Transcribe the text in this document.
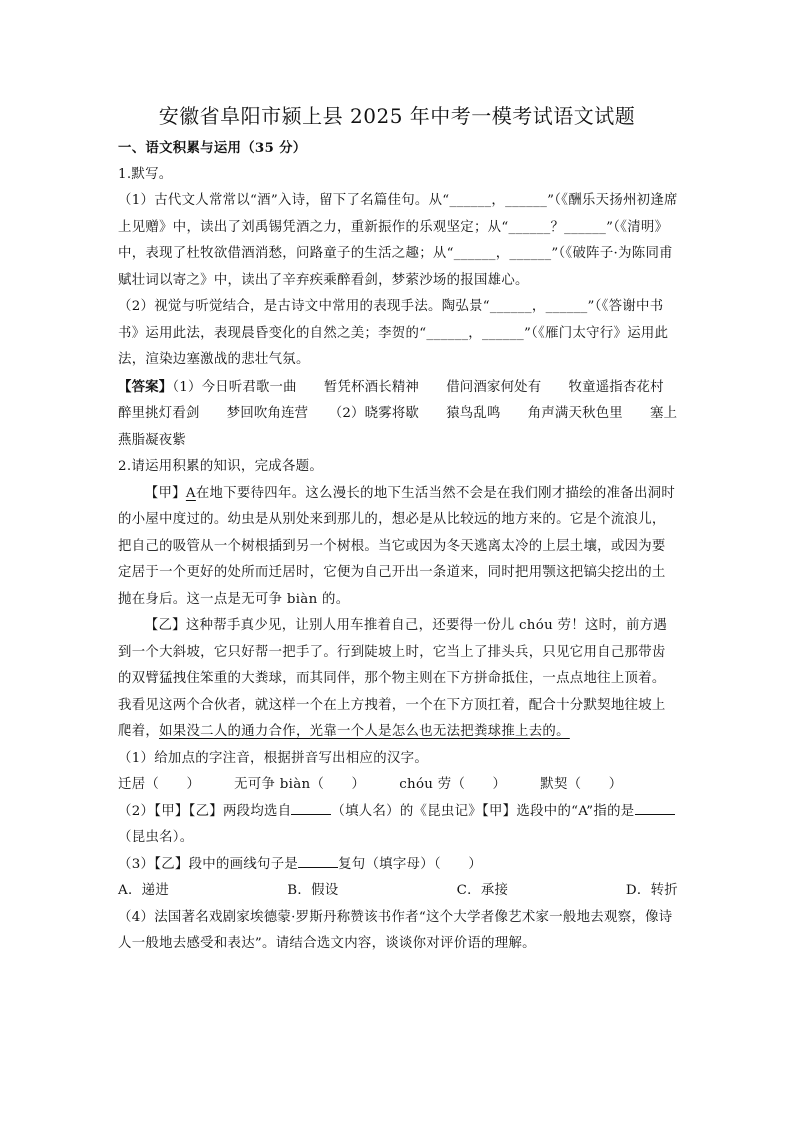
安徽省阜阳市颍上县 2025 年中考一模考试语文试题

一、语文积累与运用（35 分）

1.默写。

（1）古代文人常常以“酒”入诗，留下了名篇佳句。从“______，______”（《酬乐天扬州初逢席上见赠》中，读出了刘禹锡凭酒之力，重新振作的乐观坚定；从“______？______”（《清明》中，表现了杜牧欲借酒消愁，问路童子的生活之趣；从“______，______”（《破阵子·为陈同甫赋壮词以寄之》中，读出了辛弃疾乘醉看剑，梦萦沙场的报国雄心。

（2）视觉与听觉结合，是古诗文中常用的表现手法。陶弘景“______，______”（《答谢中书书》运用此法，表现晨昏变化的自然之美；李贺的“______，______”（《雁门太守行》运用此法，渲染边塞激战的悲壮气氛。

【答案】（1）今日听君歌一曲　　暂凭杯酒长精神　　借问酒家何处有　　牧童遥指杏花村　　醉里挑灯看剑　　梦回吹角连营　　（2）晓雾将歇　　猿鸟乱鸣　　角声满天秋色里　　塞上燕脂凝夜紫

2.请运用积累的知识，完成各题。

【甲】A在地下要待四年。这么漫长的地下生活当然不会是在我们刚才描绘的准备出洞时的小屋中度过的。幼虫是从别处来到那儿的，想必是从比较远的地方来的。它是个流浪儿，把自己的吸管从一个树根插到另一个树根。当它或因为冬天逃离太冷的上层土壤，或因为要定居于一个更好的处所而迁居时，它便为自己开出一条道来，同时把用颚这把镐尖挖出的土抛在身后。这一点是无可争 biàn 的。

【乙】这种帮手真少见，让别人用车推着自己，还要得一份儿 chóu 劳！这时，前方遇到一个大斜坡，它只好帮一把手了。行到陡坡上时，它当上了排头兵，只见它用自己那带齿的双臂猛拽住笨重的大粪球，而其同伴，那个物主则在下方拼命抵住，一点点地往上顶着。我看见这两个合伙者，就这样一个在上方拽着，一个在下方顶扛着，配合十分默契地往坡上爬着，如果没二人的通力合作，光靠一个人是怎么也无法把粪球推上去的。

（1）给加点的字注音，根据拼音写出相应的汉字。

迁居（　　）	无可争 biàn（　　）	chóu 劳（　　）	默契（　　）

（2）【甲】【乙】两段均选自	（填人名）的《昆虫记》【甲】选段中的“A”指的是（昆虫名）。

（3）【乙】段中的画线句子是	复句（填字母）（　　）

A．递进	B．假设	C．承接	D．转折

（4）法国著名戏剧家埃德蒙·罗斯丹称赞该书作者“这个大学者像艺术家一般地去观察，像诗人一般地去感受和表达”。请结合选文内容，谈谈你对评价语的理解。
